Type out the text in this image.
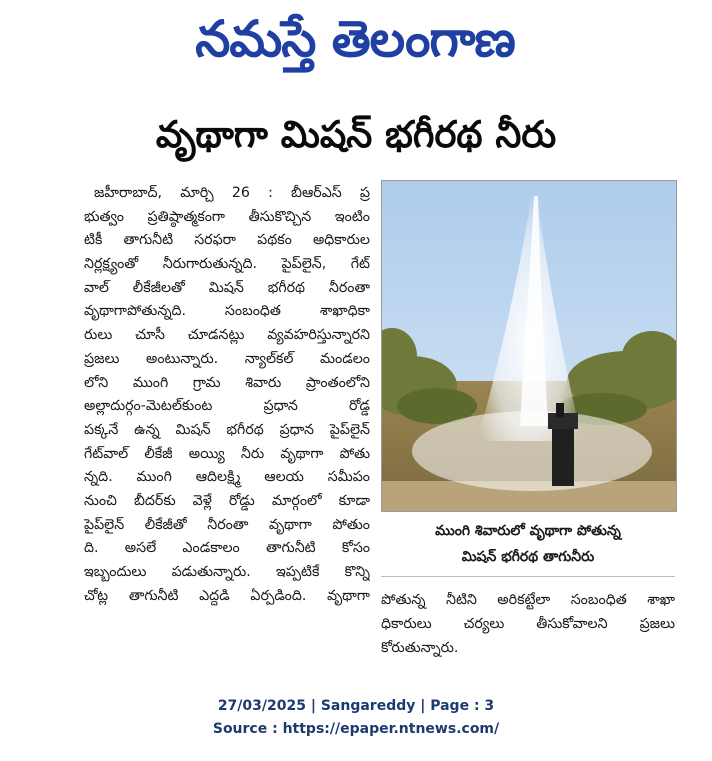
నమస్తే తెలంగాణ
వృథాగా మిషన్ భగీరథ నీరు

జహీరాబాద్, మార్చి 26 : బీఆర్ఎస్ ప్ర

భుత్వం ప్రతిష్ఠాత్మకంగా తీసుకొచ్చిన ఇంటిం

టికీ తాగునీటి సరఫరా పథకం అధికారుల

నిర్లక్ష్యంతో నీరుగారుతున్నది. పైప్‌లైన్, గేట్

వాల్ లీకేజీలతో మిషన్ భగీరథ నీరంతా

వృథాగాపోతున్నది. సంబంధిత శాఖాధికా

రులు చూసీ చూడనట్లు వ్యవహరిస్తున్నారని

ప్రజలు అంటున్నారు. న్యాల్‌కల్ మండలం

లోని ముంగి గ్రామ శివారు ప్రాంతంలోని

అల్లాదుర్గం-మెటల్‌కుంట ప్రధాన రోడ్డ

పక్కనే ఉన్న మిషన్ భగీరథ ప్రధాన పైప్‌లైన్

గేట్‌వాల్ లీకేజీ అయ్యి నీరు వృథాగా పోతు

న్నది. ముంగి ఆదిలక్ష్మి ఆలయ సమీపం

నుంచి బీదర్‌కు వెళ్లే రోడ్డు మార్గంలో కూడా

పైప్‌లైన్ లీకేజీతో నీరంతా వృథాగా పోతుం

ది. అసలే ఎండకాలం తాగునీటి కోసం

ఇబ్బందులు పడుతున్నారు. ఇప్పటికే కొన్ని

చోట్ల తాగునీటి ఎద్దడి ఏర్పడింది. వృథాగా

ముంగి శివారులో వృథాగా పోతున్న
మిషన్ భగీరథ తాగునీరు

పోతున్న నీటిని అరికట్టేలా సంబంధిత శాఖా

ధికారులు చర్యలు తీసుకోవాలని ప్రజలు

కోరుతున్నారు.

27/03/2025 | Sangareddy | Page : 3
Source : https://epaper.ntnews.com/
